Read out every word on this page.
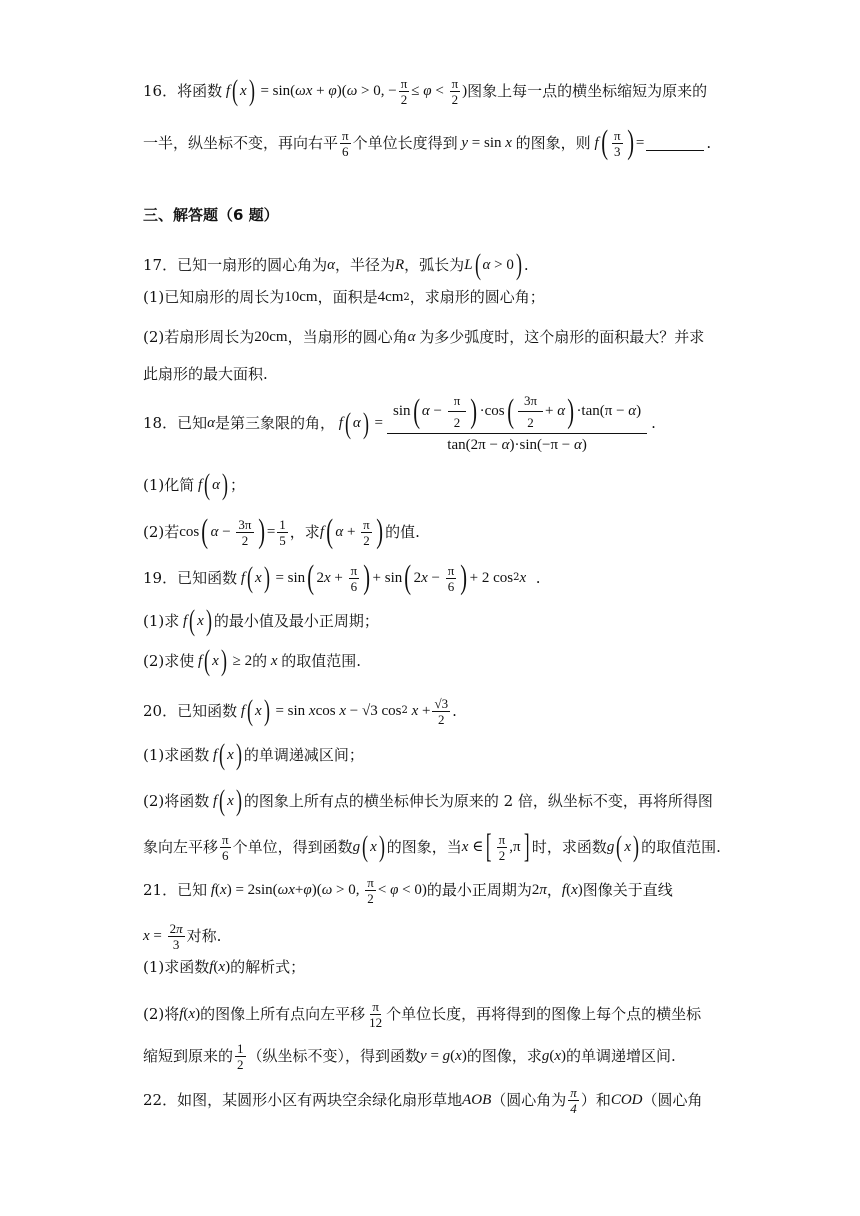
16． 将函数 f ( x ) = sin( ωx + φ )( ω > 0, − $\frac{\pi}{2} \le \varphi < \frac{\pi}{2}$ ) 图象上每一点的横坐标缩短为原来的
一半，纵坐标不变，再向右平 $\frac{\pi}{6}$ 个单位长度得到 y = sin x 的图象，则 f ( $\frac{\pi}{3}$ ) =	.
三、解答题（6 题）
17． 已知一扇形的圆心角为 α ，半径为 R ，弧长为 L ( α > 0 ) .
(1)已知扇形的周长为 10cm ，面积是 4cm 2 ，求扇形的圆心角；
(2)若扇形周长为 20cm ，当扇形的圆心角 α 为多少弧度时，这个扇形的面积最大？并求
此扇形的最大面积.
18． 已知 α 是第三象限的角， f ( α ) = $\frac{\sin ( \alpha - \frac{\pi}{2} ) \cdot\cos ( \frac{3\pi}{2} + \alpha ) \cdot\tan(\pi - \alpha )}{\tan(2\pi - \alpha)\cdot\sin(-\pi - \alpha)}$ .
(1)化简 f ( α ) ；
(2)若 cos ( $\alpha - \frac{3\pi}{2}$ ) = $\frac{1}{5}$ ，求 f ( $\alpha + \frac{\pi}{2}$ ) 的值.
19． 已知函数 f ( x ) = sin ( 2 $x + \frac{\pi}{6}$ ) + sin ( 2 $x - \frac{\pi}{6}$ ) + 2 cos 2 x .
(1)求 f ( x ) 的最小值及最小正周期；
(2)求使 f ( x ) ≥ 2 的 x 的取值范围.
20． 已知函数 f ( x ) = sin x cos x − √3 cos 2 $x + \frac{√3}{2}$ .
(1)求函数 f ( x ) 的单调递减区间；
(2)将函数 f ( x ) 的图象上所有点的横坐标伸长为原来的 2 倍，纵坐标不变，再将所得图
象向左平移 $\frac{\pi}{6}$ 个单位，得到函数 g ( x ) 的图象，当 x ∈ [ $\frac{\pi}{2} ,\pi$ ] 时，求函数 g ( x ) 的取值范围.
21． 已知 f ( x ) = 2sin( ωx + φ )( ω > 0, $\frac{\pi}{2} < \varphi < 0$) 的最小正周期为 2 π ， f ( x ) 图像关于直线
$x = \frac{2\pi}{3}$ 对称.
(1)求函数 f ( x ) 的解析式；
(2)将 f ( x ) 的图像上所有点向左平移 $\frac{\pi}{12}$ 个单位长度，再将得到的图像上每个点的横坐标
缩短到原来的 $\frac{1}{2}$ （纵坐标不变），得到函数 y = g ( x ) 的图像，求 g ( x ) 的单调递增区间.
22． 如图，某圆形小区有两块空余绿化扇形草地 AOB （圆心角为 $\frac{\pi}{4}$ ）和 COD （圆心角
